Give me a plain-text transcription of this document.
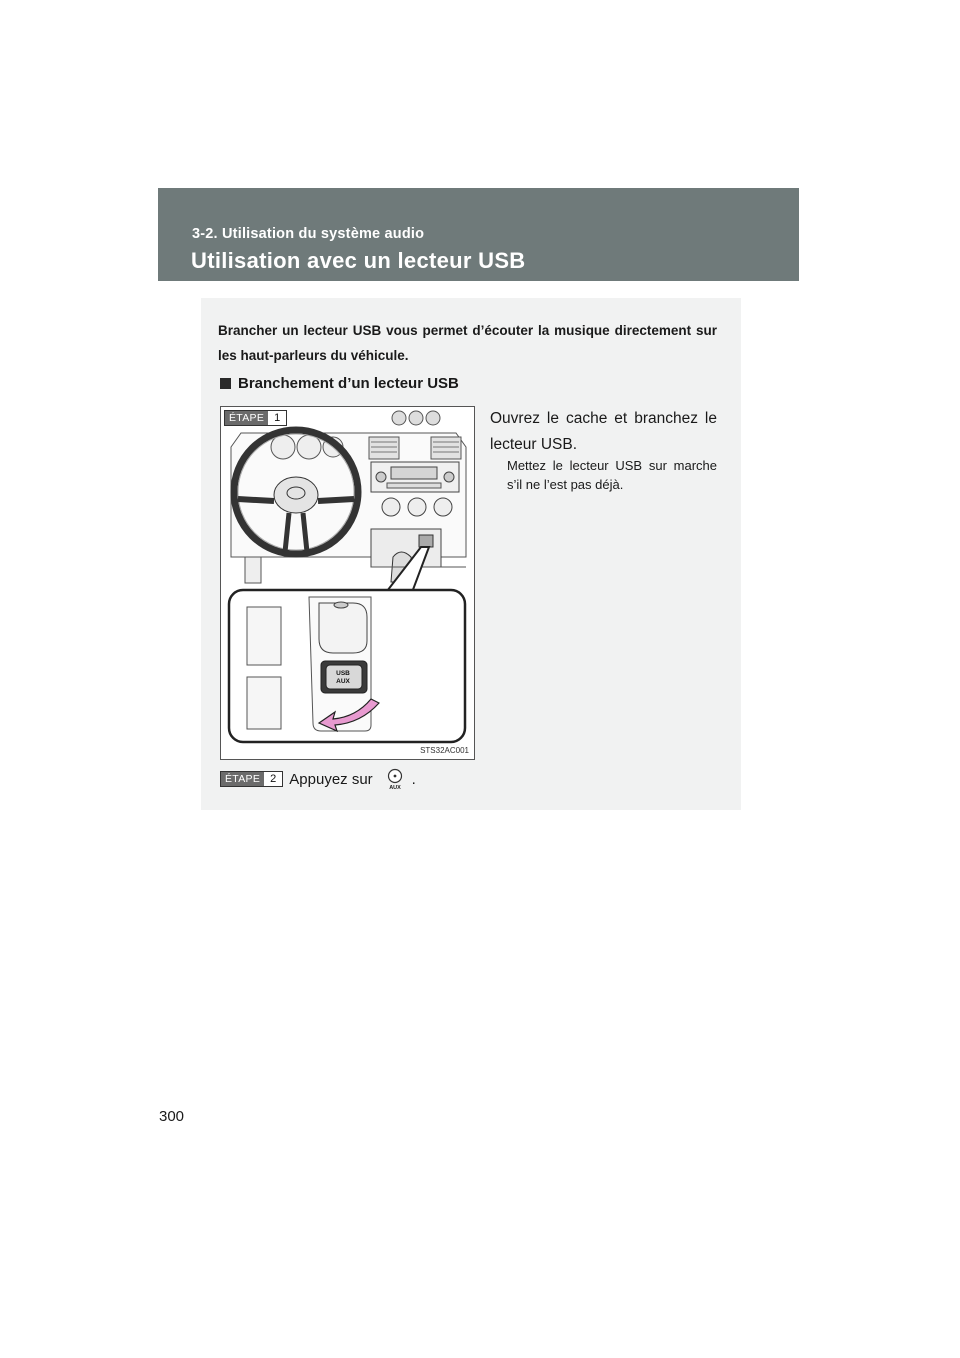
3-2. Utilisation du système audio
Utilisation avec un lecteur USB

Brancher un lecteur USB vous permet d’écouter la musique directement sur les haut-parleurs du véhicule.

Branchement d’un lecteur USB
USB
AUX
ÉTAPE 1
STS32AC001

Ouvrez le cache et branchez le lecteur USB.

Mettez le lecteur USB sur marche s’il ne l’est pas déjà.

ÉTAPE 2 Appuyez sur
AUX
.

300
